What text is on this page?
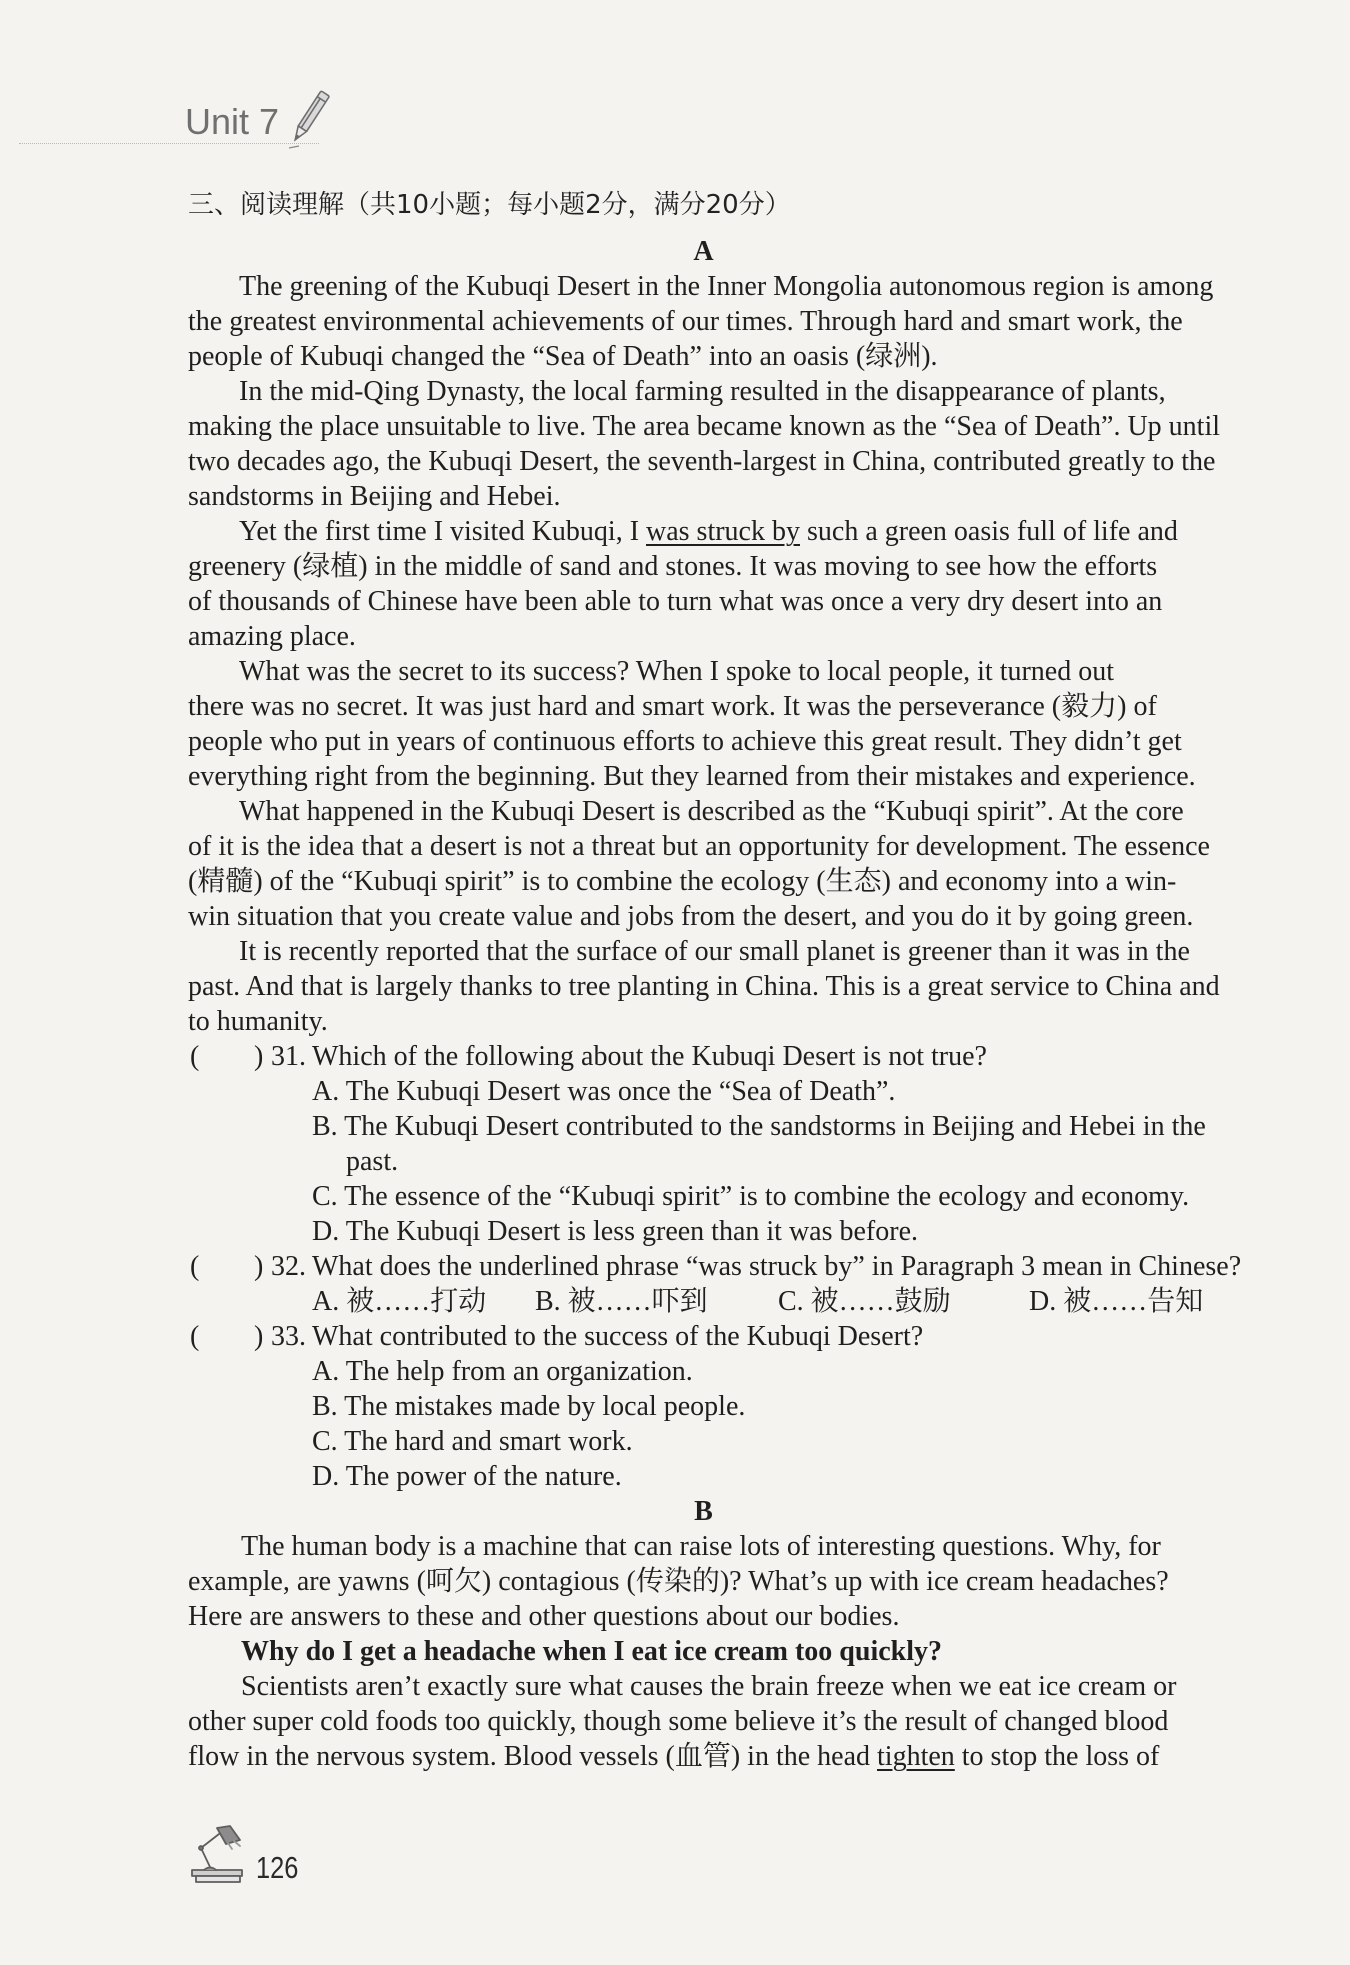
Unit 7
三、阅读理解（共10小题；每小题2分，满分20分）
A
The greening of the Kubuqi Desert in the Inner Mongolia autonomous region is among
the greatest environmental achievements of our times. Through hard and smart work, the
people of Kubuqi changed the “Sea of Death” into an oasis (绿洲).
In the mid-Qing Dynasty, the local farming resulted in the disappearance of plants,
making the place unsuitable to live. The area became known as the “Sea of Death”. Up until
two decades ago, the Kubuqi Desert, the seventh-largest in China, contributed greatly to the
sandstorms in Beijing and Hebei.
Yet the first time I visited Kubuqi, I was struck by such a green oasis full of life and
greenery (绿植) in the middle of sand and stones. It was moving to see how the efforts
of thousands of Chinese have been able to turn what was once a very dry desert into an
amazing place.
What was the secret to its success? When I spoke to local people, it turned out
there was no secret. It was just hard and smart work. It was the perseverance (毅力) of
people who put in years of continuous efforts to achieve this great result. They didn’t get
everything right from the beginning. But they learned from their mistakes and experience.
What happened in the Kubuqi Desert is described as the “Kubuqi spirit”. At the core
of it is the idea that a desert is not a threat but an opportunity for development. The essence
(精髓) of the “Kubuqi spirit” is to combine the ecology (生态) and economy into a win-
win situation that you create value and jobs from the desert, and you do it by going green.
It is recently reported that the surface of our small planet is greener than it was in the
past. And that is largely thanks to tree planting in China. This is a great service to China and
to humanity.
( ) 31. Which of the following about the Kubuqi Desert is not true?
A. The Kubuqi Desert was once the “Sea of Death”.
B. The Kubuqi Desert contributed to the sandstorms in Beijing and Hebei in the
past.
C. The essence of the “Kubuqi spirit” is to combine the ecology and economy.
D. The Kubuqi Desert is less green than it was before.
( ) 32. What does the underlined phrase “was struck by” in Paragraph 3 mean in Chinese?
A. 被……打动 B. 被……吓到	C. 被……鼓励	D. 被……告知
( ) 33. What contributed to the success of the Kubuqi Desert?
A. The help from an organization.
B. The mistakes made by local people.
C. The hard and smart work.
D. The power of the nature.
B
The human body is a machine that can raise lots of interesting questions. Why, for
example, are yawns (呵欠) contagious (传染的)? What’s up with ice cream headaches?
Here are answers to these and other questions about our bodies.
Why do I get a headache when I eat ice cream too quickly?
Scientists aren’t exactly sure what causes the brain freeze when we eat ice cream or
other super cold foods too quickly, though some believe it’s the result of changed blood
flow in the nervous system. Blood vessels (血管) in the head tighten to stop the loss of
126
